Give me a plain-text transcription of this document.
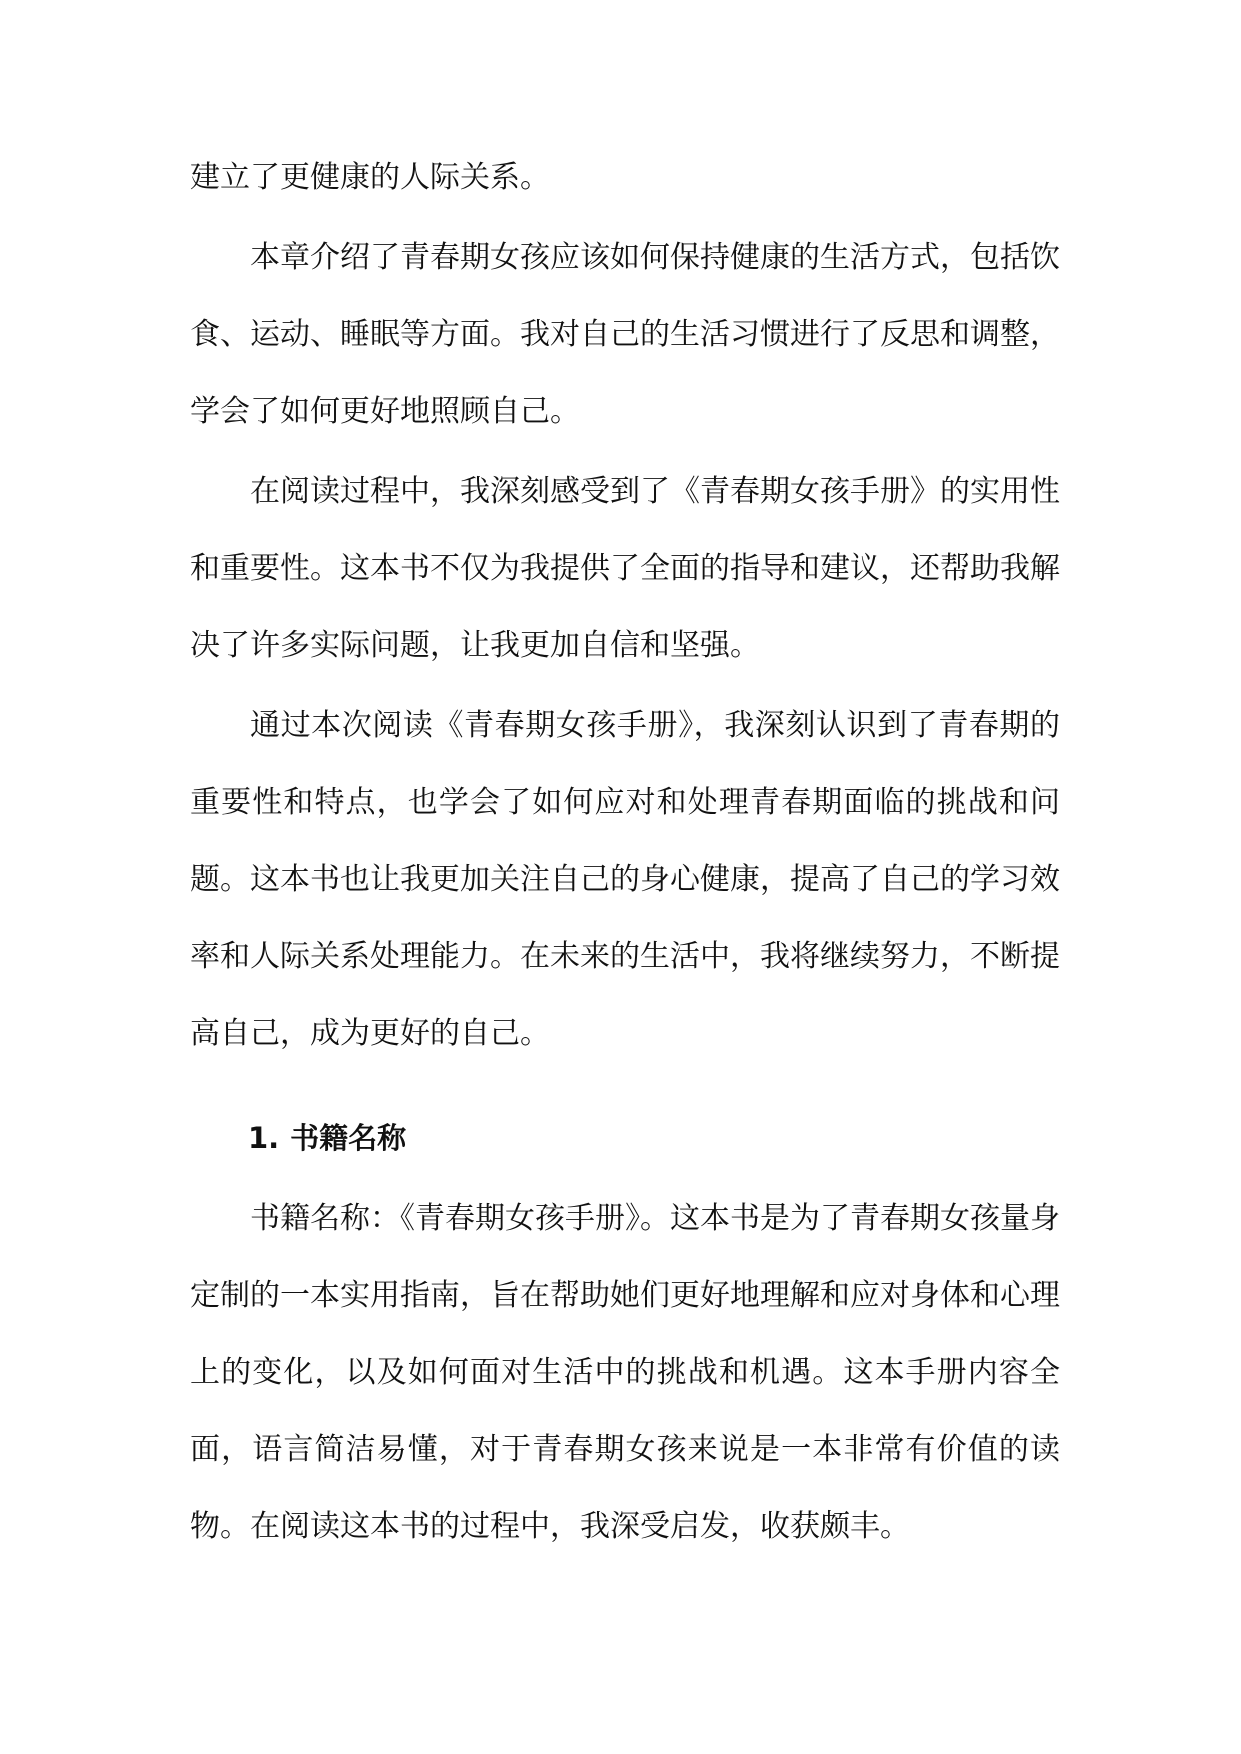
建立了更健康的人际关系。

本章介绍了青春期女孩应该如何保持健康的生活方式，包括饮食、运动、睡眠等方面。我对自己的生活习惯进行了反思和调整，学会了如何更好地照顾自己。

在阅读过程中，我深刻感受到了《青春期女孩手册》的实用性和重要性。这本书不仅为我提供了全面的指导和建议，还帮助我解决了许多实际问题，让我更加自信和坚强。

通过本次阅读《青春期女孩手册》，我深刻认识到了青春期的重要性和特点，也学会了如何应对和处理青春期面临的挑战和问题。这本书也让我更加关注自己的身心健康，提高了自己的学习效率和人际关系处理能力。在未来的生活中，我将继续努力，不断提高自己，成为更好的自己。

1. 书籍名称

书籍名称：《青春期女孩手册》。这本书是为了青春期女孩量身定制的一本实用指南，旨在帮助她们更好地理解和应对身体和心理上的变化，以及如何面对生活中的挑战和机遇。这本手册内容全面，语言简洁易懂，对于青春期女孩来说是一本非常有价值的读物。在阅读这本书的过程中，我深受启发，收获颇丰。
